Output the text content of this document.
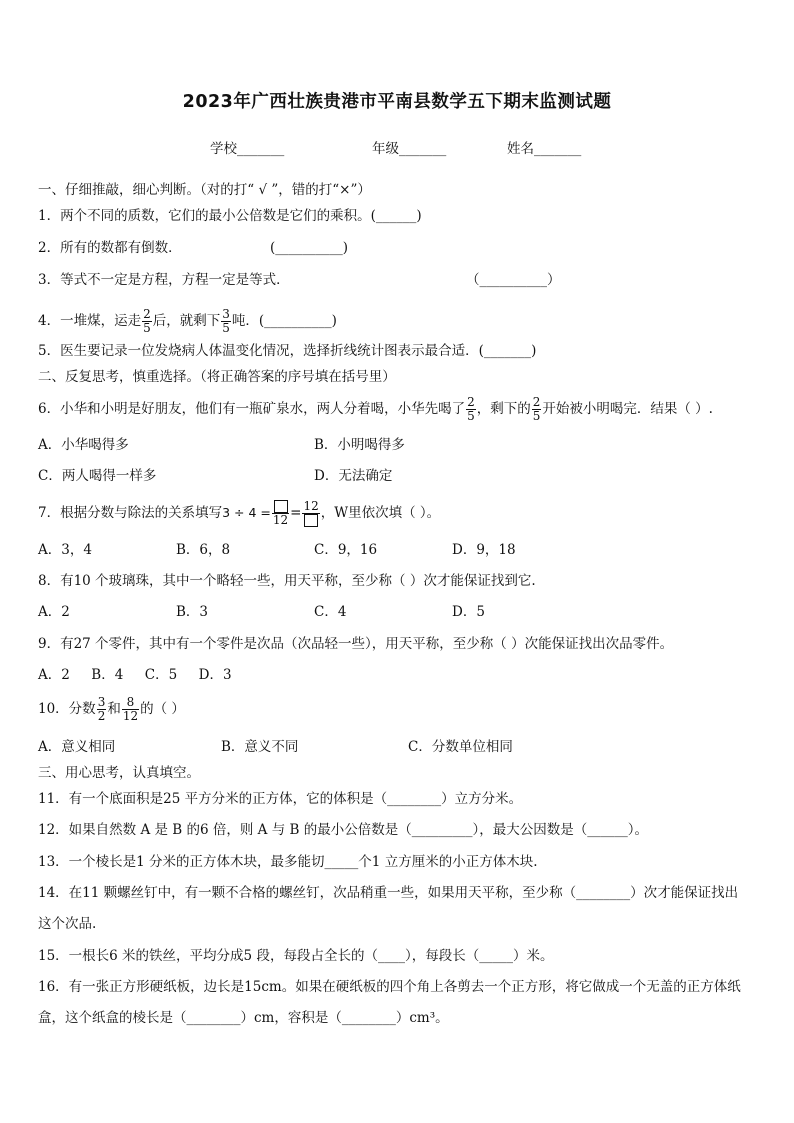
2023年广西壮族贵港市平南县数学五下期末监测试题
学校_______	年级_______	姓名_______
一、仔细推敲，细心判断。（对的打“ √ ”，错的打“×”）
1．两个不同的质数，它们的最小公倍数是它们的乘积。(______)
2．所有的数都有倒数．	(__________)
3．等式不一定是方程，方程一定是等式．	（__________）
4．一堆煤，运走 $\frac{2}{5}$ 后，就剩下 $\frac{3}{5}$ 吨．(__________)
5．医生要记录一位发烧病人体温变化情况，选择折线统计图表示最合适．(_______)
二、反复思考，慎重选择。（将正确答案的序号填在括号里）
6．小华和小明是好朋友，他们有一瓶矿泉水，两人分着喝，小华先喝了 $\frac{2}{5}$ ，剩下的 $\frac{2}{5}$ 开始被小明喝完．结果（ ）.
A．小华喝得多	B．小明喝得多
C．两人喝得一样多	D．无法确定
7．根据分数与除法的关系填写3 ÷ 4 = 12 = 12 ，W里依次填（ ）。
A．3，4	B．6，8	C．9，16	D．9，18
8．有10 个玻璃珠，其中一个略轻一些，用天平称，至少称（ ）次才能保证找到它.
A．2	B．3	C．4	D．5
9．有27 个零件，其中有一个零件是次品（次品轻一些），用天平称，至少称（ ）次能保证找出次品零件。
A．2     B．4     C．5     D．3
10．分数 $\frac{3}{2}$ 和 $\frac{8}{12}$ 的（ ）
A．意义相同	B．意义不同	C．分数单位相同
三、用心思考，认真填空。
11．有一个底面积是25 平方分米的正方体，它的体积是（________）立方分米。
12．如果自然数 A 是 B 的6 倍，则 A 与 B 的最小公倍数是（_________），最大公因数是（______）。
13．一个棱长是1 分米的正方体木块，最多能切_____个1 立方厘米的小正方体木块.
14．在11 颗螺丝钉中，有一颗不合格的螺丝钉，次品稍重一些，如果用天平称，至少称（________）次才能保证找出
这个次品.
15．一根长6 米的铁丝，平均分成5 段，每段占全长的（____），每段长（_____）米。
16．有一张正方形硬纸板，边长是15cm。如果在硬纸板的四个角上各剪去一个正方形，将它做成一个无盖的正方体纸
盒，这个纸盒的棱长是（________）cm，容积是（________）cm³。
